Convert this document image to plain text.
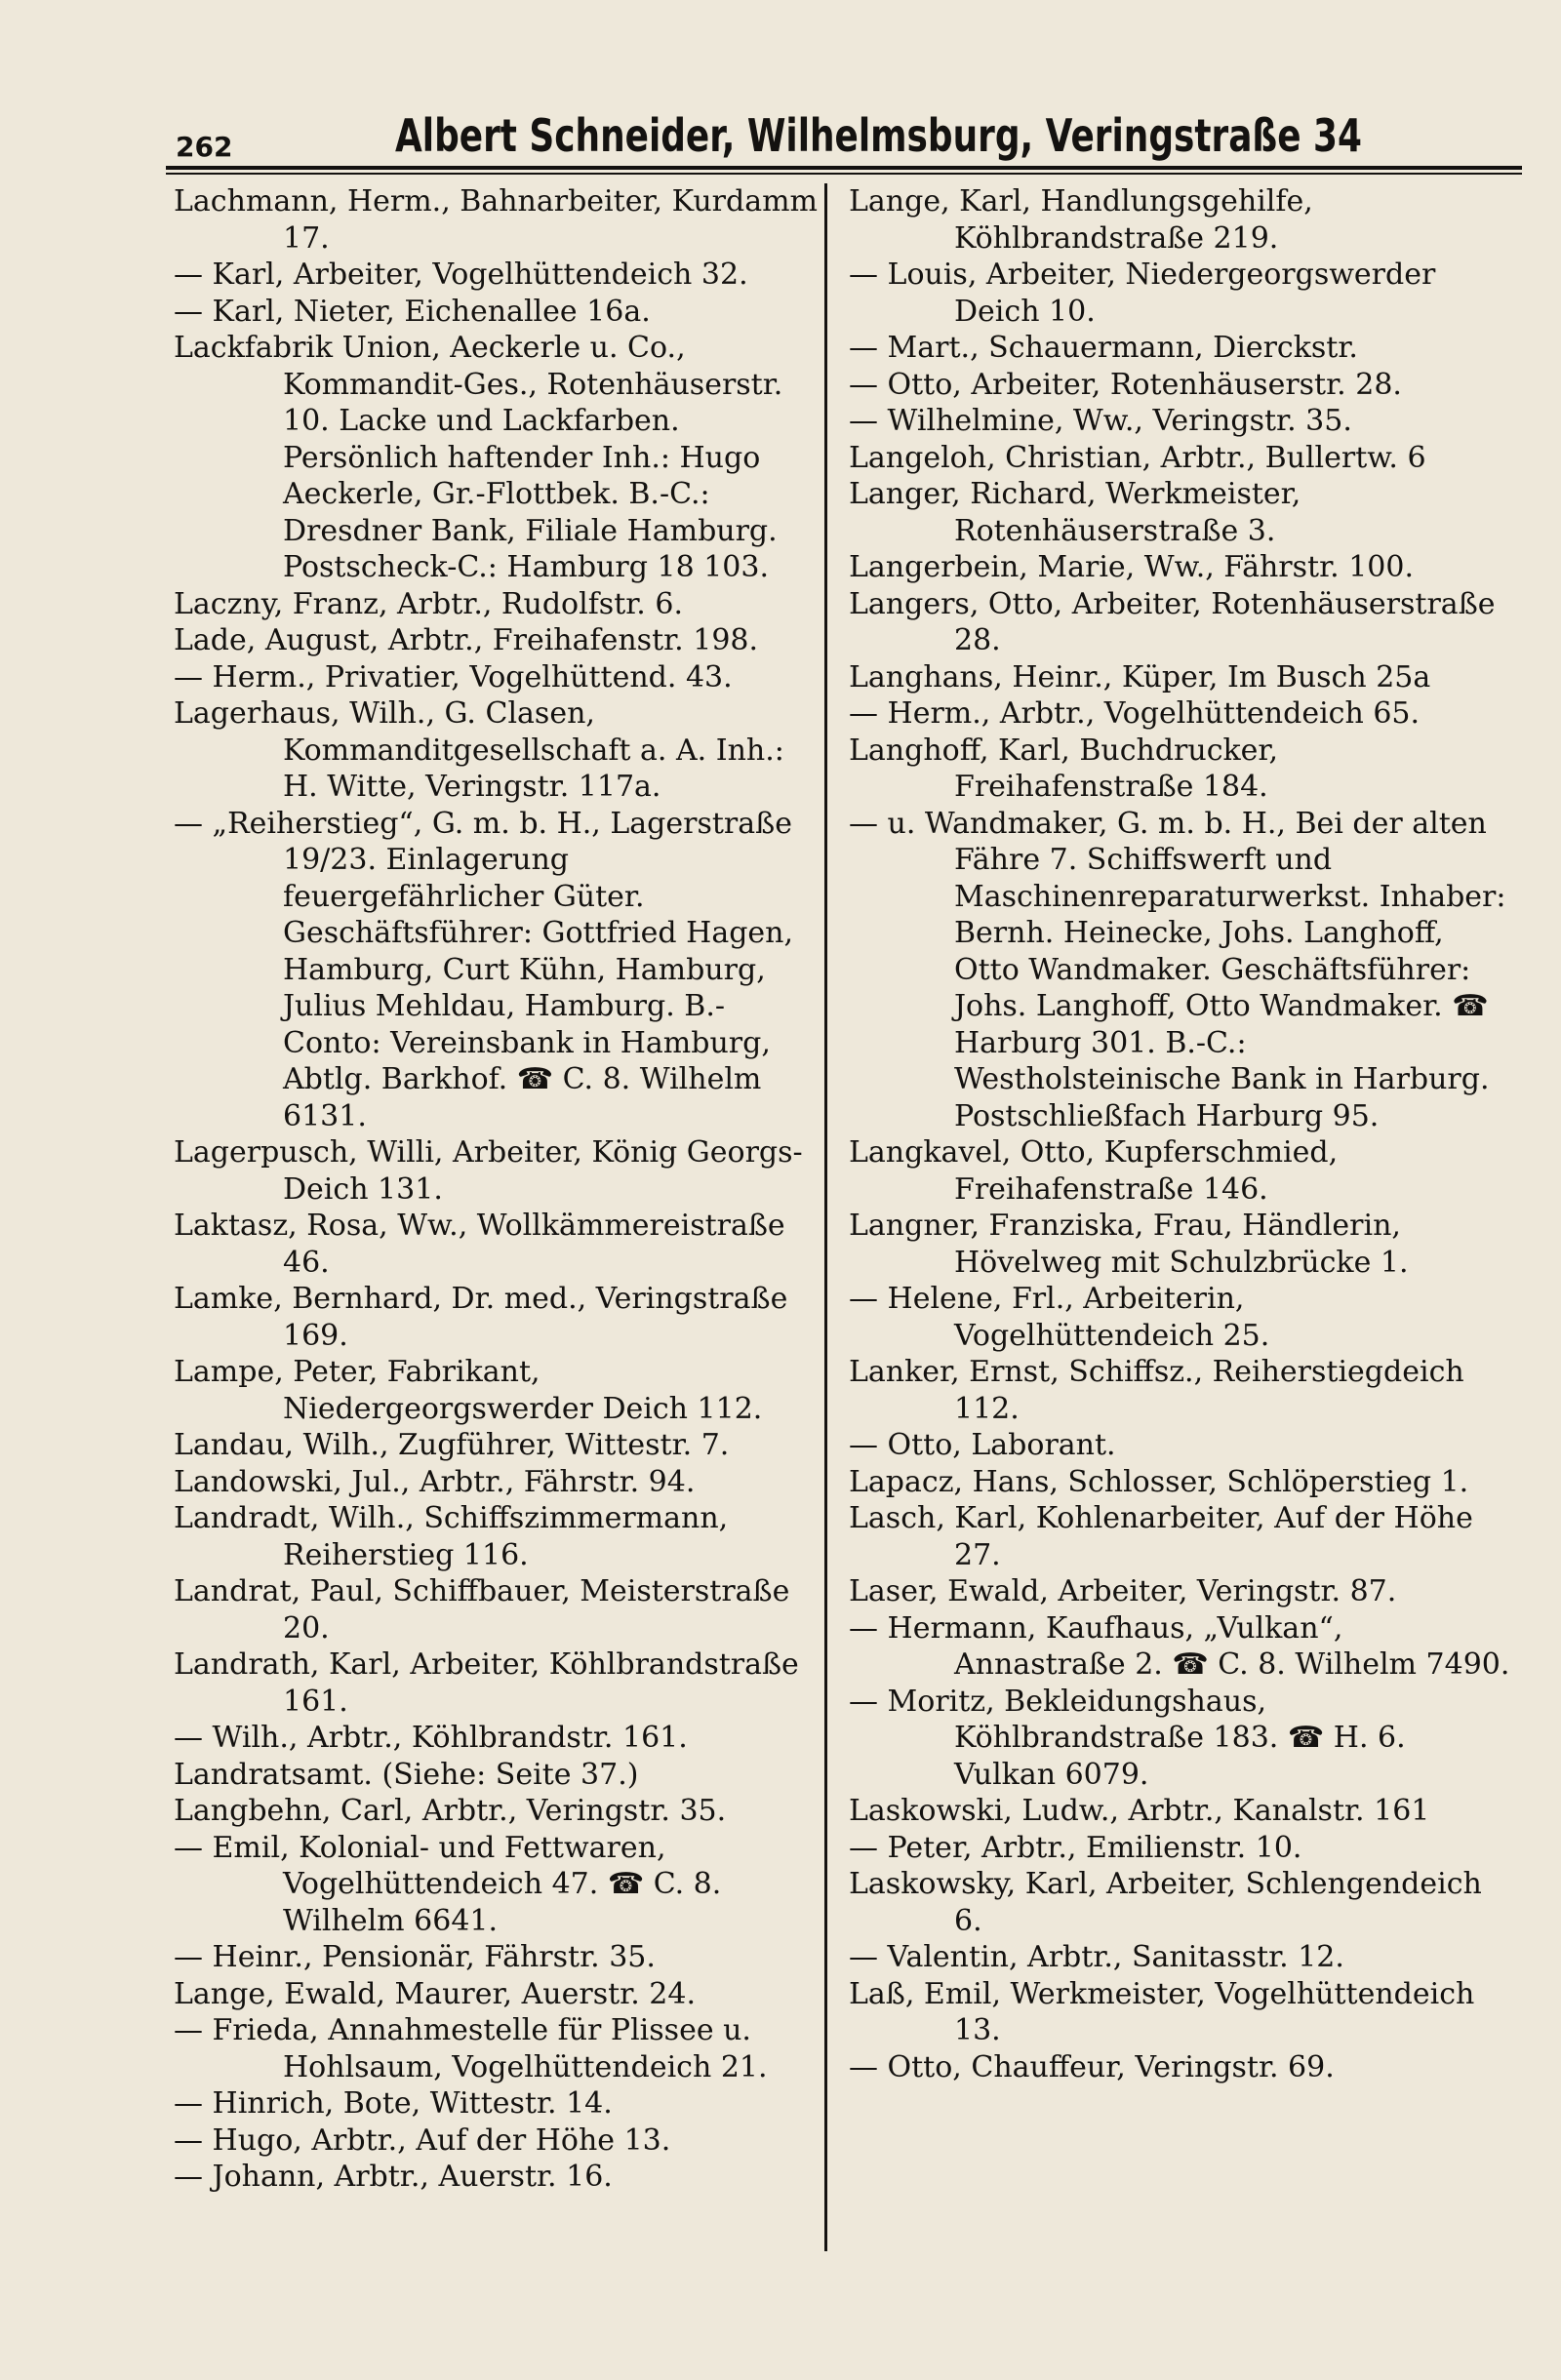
262	Albert Schneider, Wilhelmsburg, Veringstraße 34
Lachmann, Herm., Bahnarbeiter, Kurdamm 17.
— Karl, Arbeiter, Vogelhüttendeich 32.
— Karl, Nieter, Eichenallee 16a.
Lackfabrik Union, Aeckerle u. Co., Kommandit-Ges., Rotenhäuserstr. 10. Lacke und Lackfarben. Persönlich haftender Inh.: Hugo Aeckerle, Gr.-Flottbek. B.-C.: Dresdner Bank, Filiale Hamburg. Postscheck-C.: Hamburg 18 103.
Laczny, Franz, Arbtr., Rudolfstr. 6.
Lade, August, Arbtr., Freihafenstr. 198.
— Herm., Privatier, Vogelhüttend. 43.
Lagerhaus, Wilh., G. Clasen, Kommanditgesellschaft a. A. Inh.: H. Witte, Veringstr. 117a.
— „Reiherstieg“, G. m. b. H., Lagerstraße 19/23. Einlagerung feuergefährlicher Güter. Geschäftsführer: Gottfried Hagen, Hamburg, Curt Kühn, Hamburg, Julius Mehldau, Hamburg. B.-Conto: Vereinsbank in Hamburg, Abtlg. Barkhof. ☎ C. 8. Wilhelm 6131.
Lagerpusch, Willi, Arbeiter, König Georgs-Deich 131.
Laktasz, Rosa, Ww., Wollkämmereistraße 46.
Lamke, Bernhard, Dr. med., Veringstraße 169.
Lampe, Peter, Fabrikant, Niedergeorgswerder Deich 112.
Landau, Wilh., Zugführer, Wittestr. 7.
Landowski, Jul., Arbtr., Fährstr. 94.
Landradt, Wilh., Schiffszimmermann, Reiherstieg 116.
Landrat, Paul, Schiffbauer, Meisterstraße 20.
Landrath, Karl, Arbeiter, Köhlbrandstraße 161.
— Wilh., Arbtr., Köhlbrandstr. 161.
Landratsamt. (Siehe: Seite 37.)
Langbehn, Carl, Arbtr., Veringstr. 35.
— Emil, Kolonial- und Fettwaren, Vogelhüttendeich 47. ☎ C. 8. Wilhelm 6641.
— Heinr., Pensionär, Fährstr. 35.
Lange, Ewald, Maurer, Auerstr. 24.
— Frieda, Annahmestelle für Plissee u. Hohlsaum, Vogelhüttendeich 21.
— Hinrich, Bote, Wittestr. 14.
— Hugo, Arbtr., Auf der Höhe 13.
— Johann, Arbtr., Auerstr. 16.
Lange, Karl, Handlungsgehilfe, Köhlbrandstraße 219.
— Louis, Arbeiter, Niedergeorgswerder Deich 10.
— Mart., Schauermann, Dierckstr.
— Otto, Arbeiter, Rotenhäuserstr. 28.
— Wilhelmine, Ww., Veringstr. 35.
Langeloh, Christian, Arbtr., Bullertw. 6
Langer, Richard, Werkmeister, Rotenhäuserstraße 3.
Langerbein, Marie, Ww., Fährstr. 100.
Langers, Otto, Arbeiter, Rotenhäuserstraße 28.
Langhans, Heinr., Küper, Im Busch 25a
— Herm., Arbtr., Vogelhüttendeich 65.
Langhoff, Karl, Buchdrucker, Freihafenstraße 184.
— u. Wandmaker, G. m. b. H., Bei der alten Fähre 7. Schiffswerft und Maschinenreparaturwerkst. Inhaber: Bernh. Heinecke, Johs. Langhoff, Otto Wandmaker. Geschäftsführer: Johs. Langhoff, Otto Wandmaker. ☎ Harburg 301. B.-C.: Westholsteinische Bank in Harburg. Postschließfach Harburg 95.
Langkavel, Otto, Kupferschmied, Freihafenstraße 146.
Langner, Franziska, Frau, Händlerin, Hövelweg mit Schulzbrücke 1.
— Helene, Frl., Arbeiterin, Vogelhüttendeich 25.
Lanker, Ernst, Schiffsz., Reiherstiegdeich 112.
— Otto, Laborant.
Lapacz, Hans, Schlosser, Schlöperstieg 1.
Lasch, Karl, Kohlenarbeiter, Auf der Höhe 27.
Laser, Ewald, Arbeiter, Veringstr. 87.
— Hermann, Kaufhaus, „Vulkan“, Annastraße 2. ☎ C. 8. Wilhelm 7490.
— Moritz, Bekleidungshaus, Köhlbrandstraße 183. ☎ H. 6. Vulkan 6079.
Laskowski, Ludw., Arbtr., Kanalstr. 161
— Peter, Arbtr., Emilienstr. 10.
Laskowsky, Karl, Arbeiter, Schlengendeich 6.
— Valentin, Arbtr., Sanitasstr. 12.
Laß, Emil, Werkmeister, Vogelhüttendeich 13.
— Otto, Chauffeur, Veringstr. 69.
